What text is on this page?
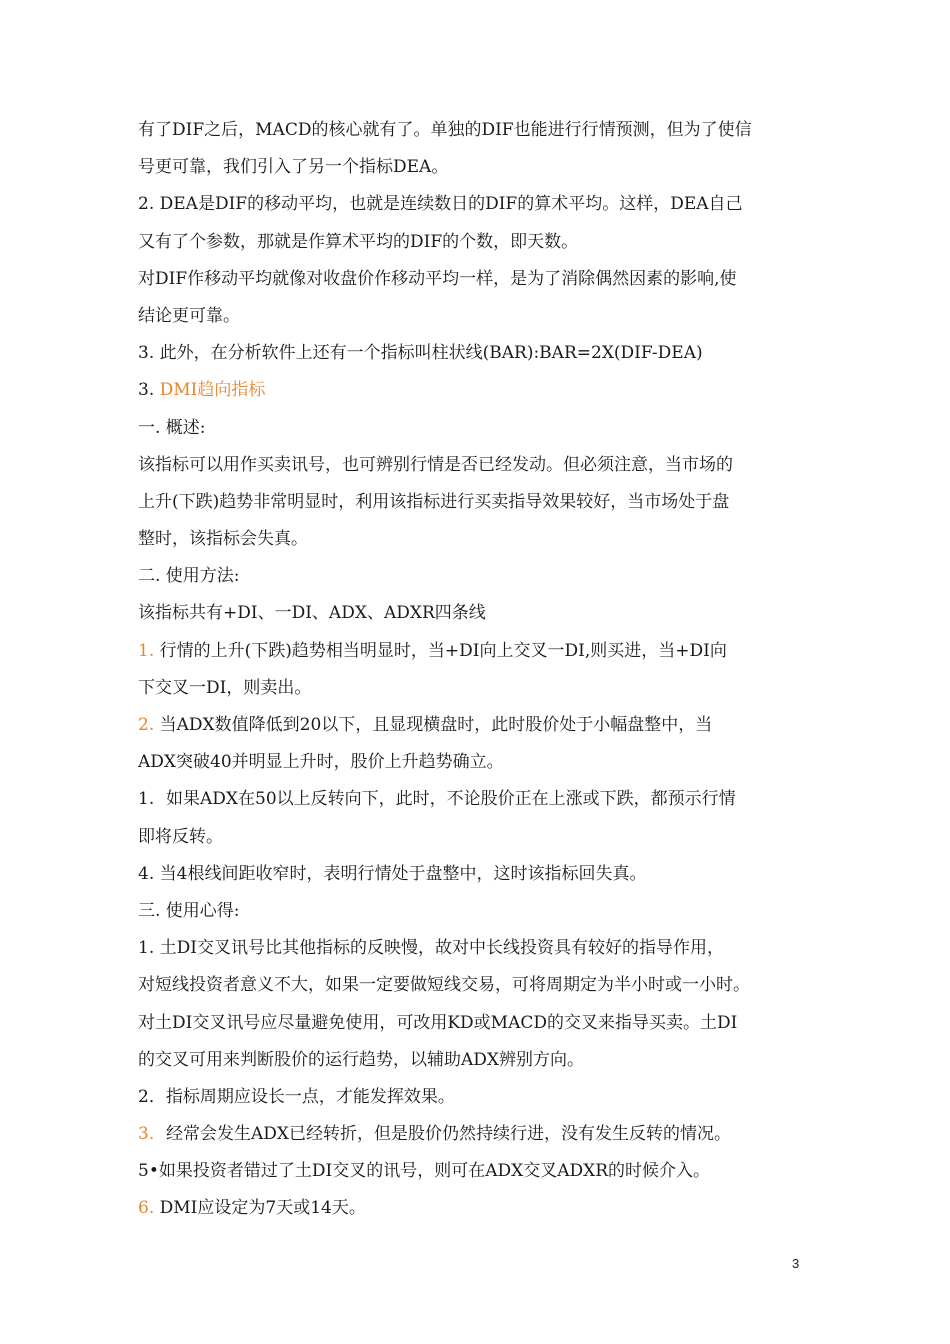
有了DIF之后，MACD的核心就有了。单独的DIF也能进行行情预测，但为了使信
号更可靠，我们引入了另一个指标DEA。
2. DEA是DIF的移动平均，也就是连续数日的DIF的算术平均。这样，DEA自己
又有了个参数，那就是作算术平均的DIF的个数，即天数。
对DIF作移动平均就像对收盘价作移动平均一样，是为了消除偶然因素的影响,使
结论更可靠。
3. 此外，在分析软件上还有一个指标叫柱状线(BAR):BAR=2X(DIF-DEA)
3. DMI趋向指标
一. 概述:
该指标可以用作买卖讯号，也可辨别行情是否已经发动。但必须注意，当市场的
上升(下跌)趋势非常明显时，利用该指标进行买卖指导效果较好，当市场处于盘
整时，该指标会失真。
二. 使用方法:
该指标共有+DI、一DI、ADX、ADXR四条线
1. 行情的上升(下跌)趋势相当明显时，当+DI向上交叉一DI,则买进，当+DI向
下交叉一DI，则卖出。
2. 当ADX数值降低到20以下，且显现横盘时，此时股价处于小幅盘整中，当
ADX突破40并明显上升时，股价上升趋势确立。
1.如果ADX在50以上反转向下，此时，不论股价正在上涨或下跌，都预示行情
即将反转。
4. 当4根线间距收窄时，表明行情处于盘整中，这时该指标回失真。
三. 使用心得:
1. 土DI交叉讯号比其他指标的反映慢，故对中长线投资具有较好的指导作用，
对短线投资者意义不大，如果一定要做短线交易，可将周期定为半小时或一小时。
对土DI交叉讯号应尽量避免使用，可改用KD或MACD的交叉来指导买卖。土DI
的交叉可用来判断股价的运行趋势，以辅助ADX辨别方向。
2．指标周期应设长一点，才能发挥效果。
3.经常会发生ADX已经转折，但是股价仍然持续行进，没有发生反转的情况。
5•如果投资者错过了土DI交叉的讯号，则可在ADX交叉ADXR的时候介入。
6. DMI应设定为7天或14天。
3
